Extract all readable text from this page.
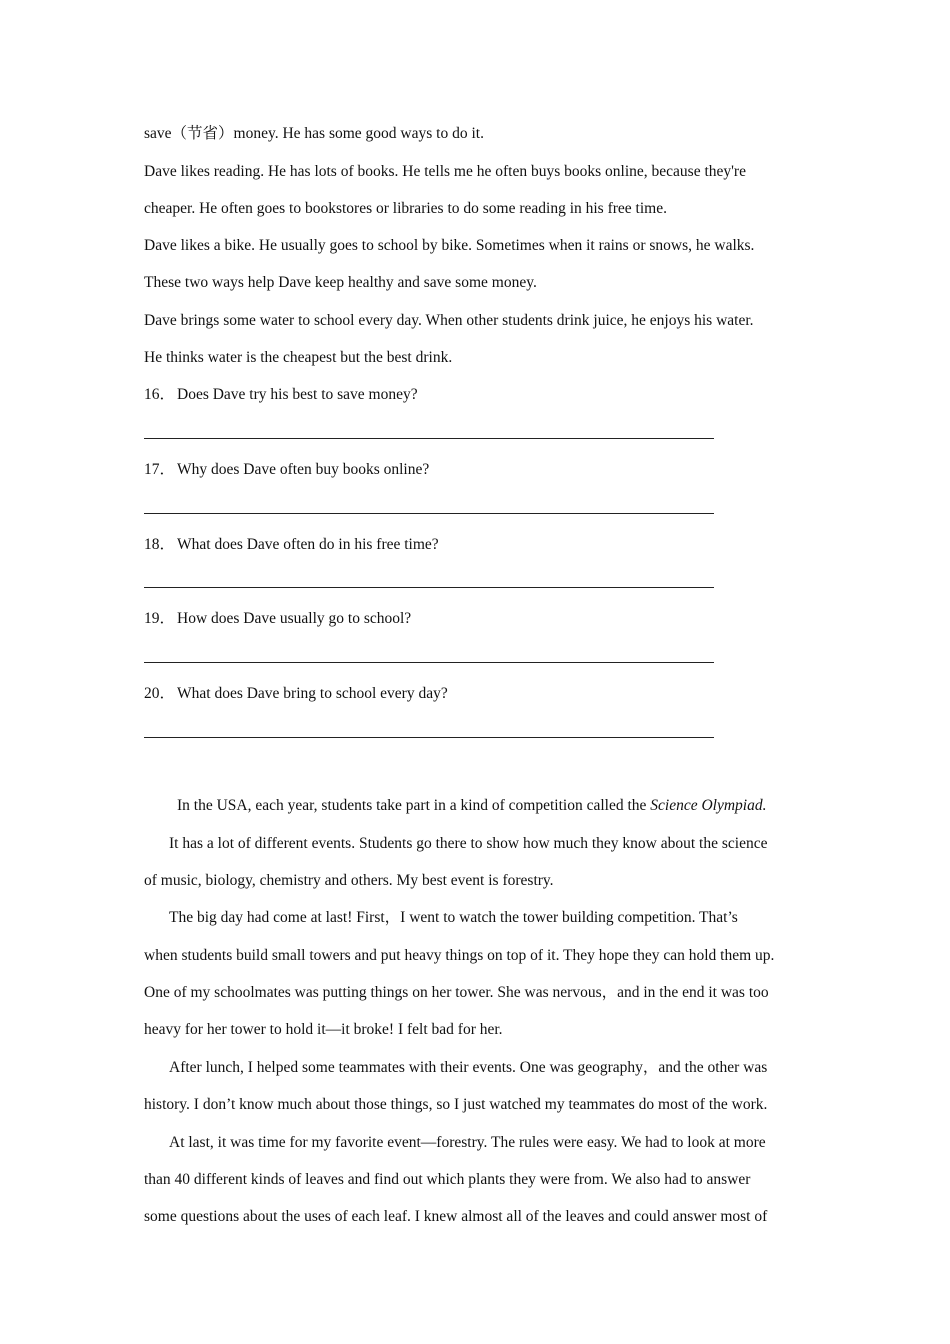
save（节省）money. He has some good ways to do it.
Dave likes reading. He has lots of books. He tells me he often buys books online, because they're
cheaper. He often goes to bookstores or libraries to do some reading in his free time.
Dave likes a bike. He usually goes to school by bike. Sometimes when it rains or snows, he walks.
These two ways help Dave keep healthy and save some money.
Dave brings some water to school every day. When other students drink juice, he enjoys his water.
He thinks water is the cheapest but the best drink.
16． Does Dave try his best to save money?
17． Why does Dave often buy books online?
18． What does Dave often do in his free time?
19． How does Dave usually go to school?
20． What does Dave bring to school every day?
In the USA, each year, students take part in a kind of competition called the Science Olympiad.
It has a lot of different events. Students go there to show how much they know about the science
of music, biology, chemistry and others. My best event is forestry.
The big day had come at last! First，I went to watch the tower building competition. That’s
when students build small towers and put heavy things on top of it. They hope they can hold them up.
One of my schoolmates was putting things on her tower. She was nervous，and in the end it was too
heavy for her tower to hold it—it broke! I felt bad for her.
After lunch, I helped some teammates with their events. One was geography，and the other was
history. I don’t know much about those things, so I just watched my teammates do most of the work.
At last, it was time for my favorite event—forestry. The rules were easy. We had to look at more
than 40 different kinds of leaves and find out which plants they were from. We also had to answer
some questions about the uses of each leaf. I knew almost all of the leaves and could answer most of
